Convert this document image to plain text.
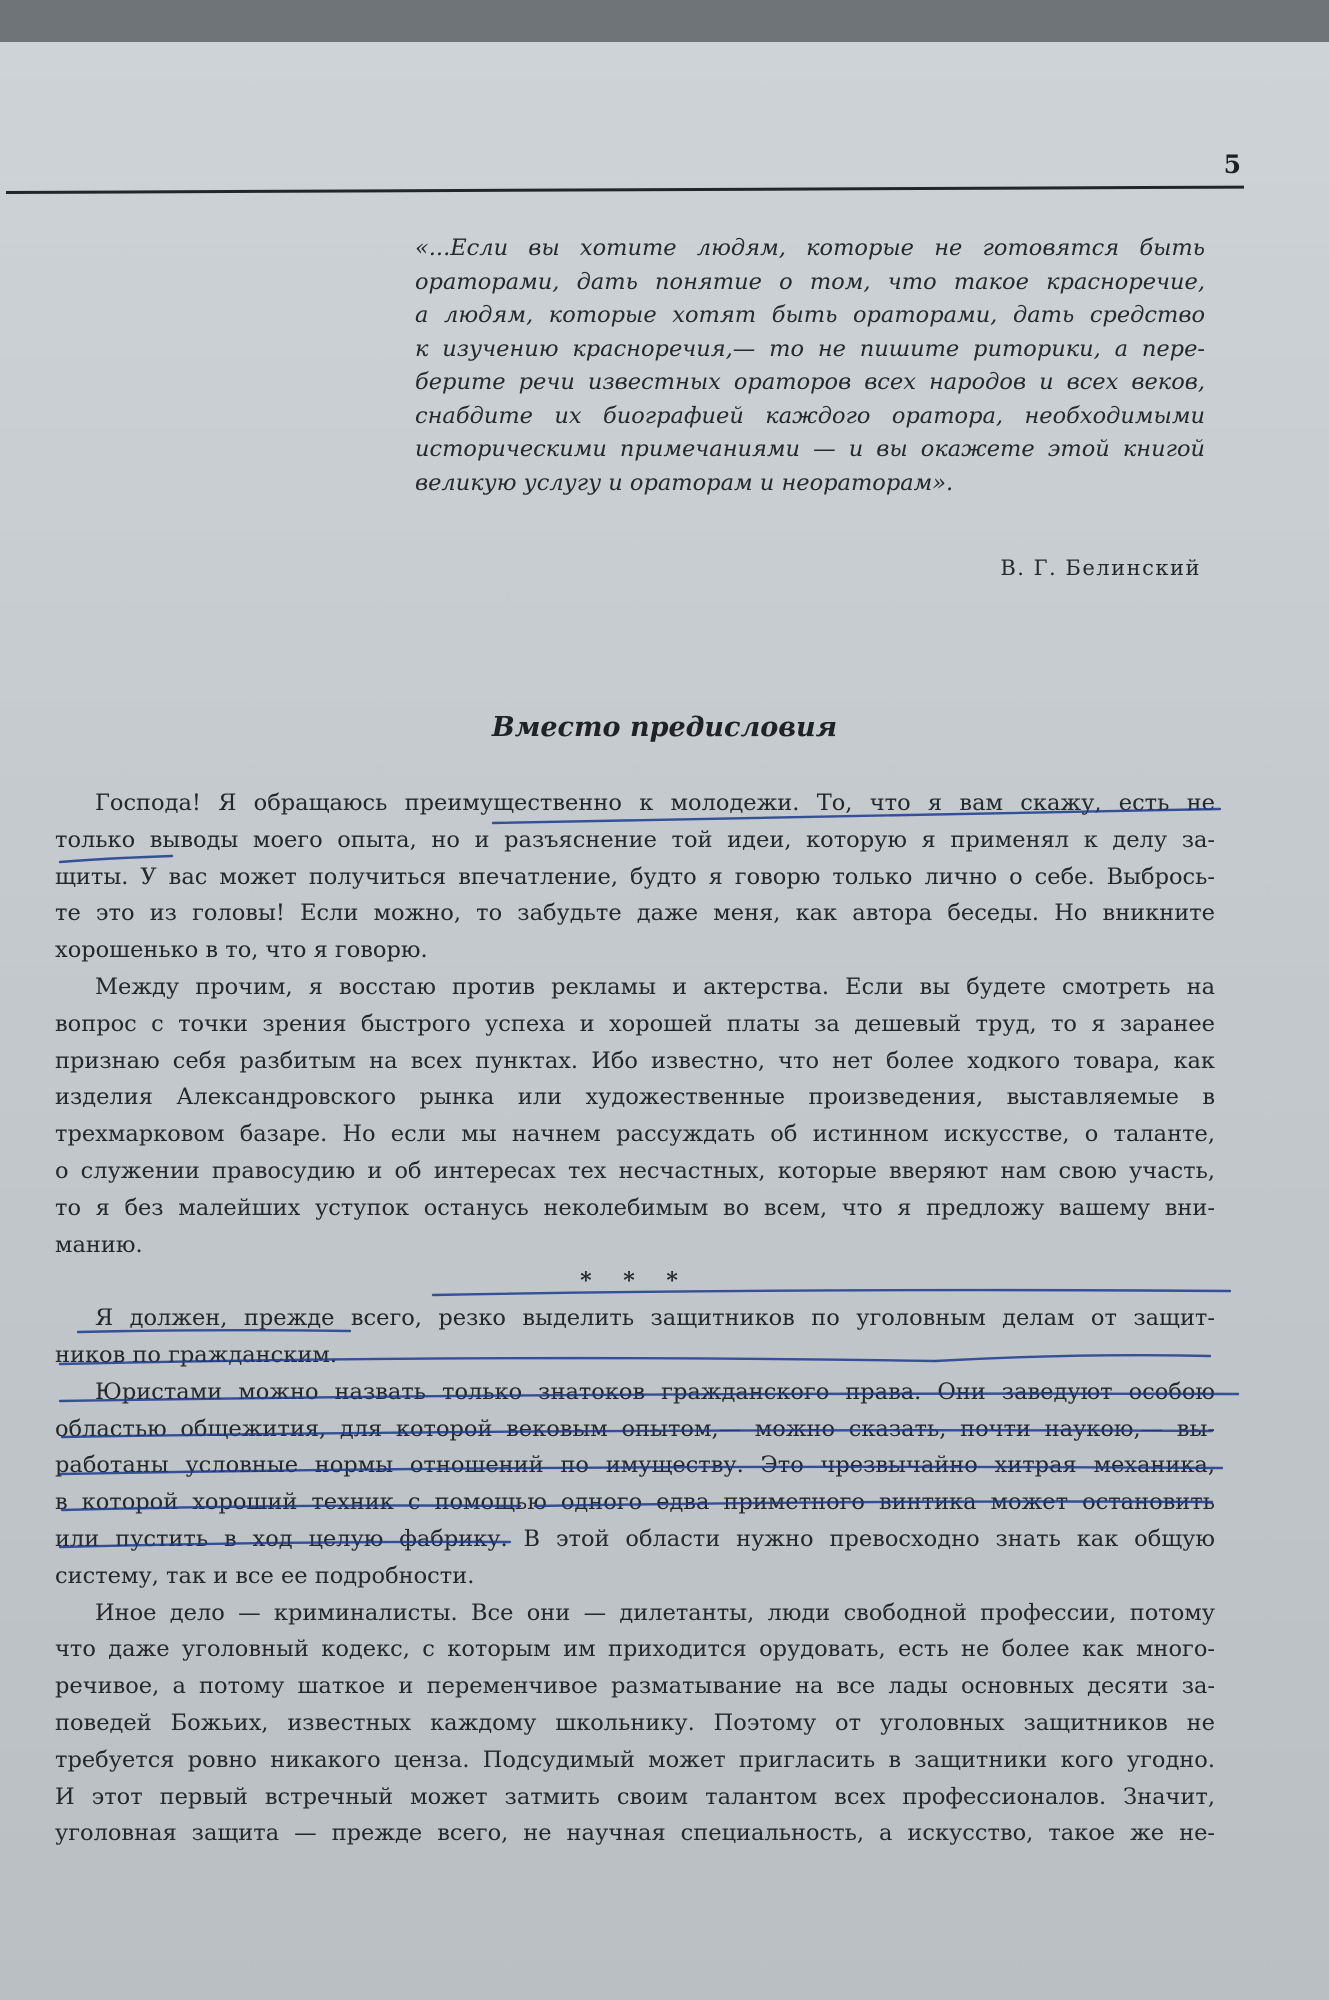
5
«...Если вы хотите людям, которые не готовятся быть
ораторами, дать понятие о том, что такое красноречие,
а людям, которые хотят быть ораторами, дать средство
к изучению красноречия,— то не пишите риторики, а пере-
берите речи известных ораторов всех народов и всех веков,
снабдите их биографией каждого оратора, необходимыми
историческими примечаниями — и вы окажете этой книгой
великую услугу и ораторам и неораторам».
В. Г. Белинский
Вместо предисловия
Господа! Я обращаюсь преимущественно к молодежи. То, что я вам скажу, есть не
только выводы моего опыта, но и разъяснение той идеи, которую я применял к делу за-
щиты. У вас может получиться впечатление, будто я говорю только лично о себе. Выбрось-
те это из головы! Если можно, то забудьте даже меня, как автора беседы. Но вникните
хорошенько в то, что я говорю.
Между прочим, я восстаю против рекламы и актерства. Если вы будете смотреть на
вопрос с точки зрения быстрого успеха и хорошей платы за дешевый труд, то я заранее
признаю себя разбитым на всех пунктах. Ибо известно, что нет более ходкого товара, как
изделия Александровского рынка или художественные произведения, выставляемые в
трехмарковом базаре. Но если мы начнем рассуждать об истинном искусстве, о таланте,
о служении правосудию и об интересах тех несчастных, которые вверяют нам свою участь,
то я без малейших уступок останусь неколебимым во всем, что я предложу вашему вни-
манию.
* * *
Я должен, прежде всего, резко выделить защитников по уголовным делам от защит-
ников по гражданским.
Юристами можно назвать только знатоков гражданского права. Они заведуют особою
областью общежития, для которой вековым опытом,— можно сказать, почти наукою,— вы-
работаны условные нормы отношений по имуществу. Это чрезвычайно хитрая механика,
в которой хороший техник с помощью одного едва приметного винтика может остановить
или пустить в ход целую фабрику. В этой области нужно превосходно знать как общую
систему, так и все ее подробности.
Иное дело — криминалисты. Все они — дилетанты, люди свободной профессии, потому
что даже уголовный кодекс, с которым им приходится орудовать, есть не более как много-
речивое, а потому шаткое и переменчивое разматывание на все лады основных десяти за-
поведей Божьих, известных каждому школьнику. Поэтому от уголовных защитников не
требуется ровно никакого ценза. Подсудимый может пригласить в защитники кого угодно.
И этот первый встречный может затмить своим талантом всех профессионалов. Значит,
уголовная защита — прежде всего, не научная специальность, а искусство, такое же не-
